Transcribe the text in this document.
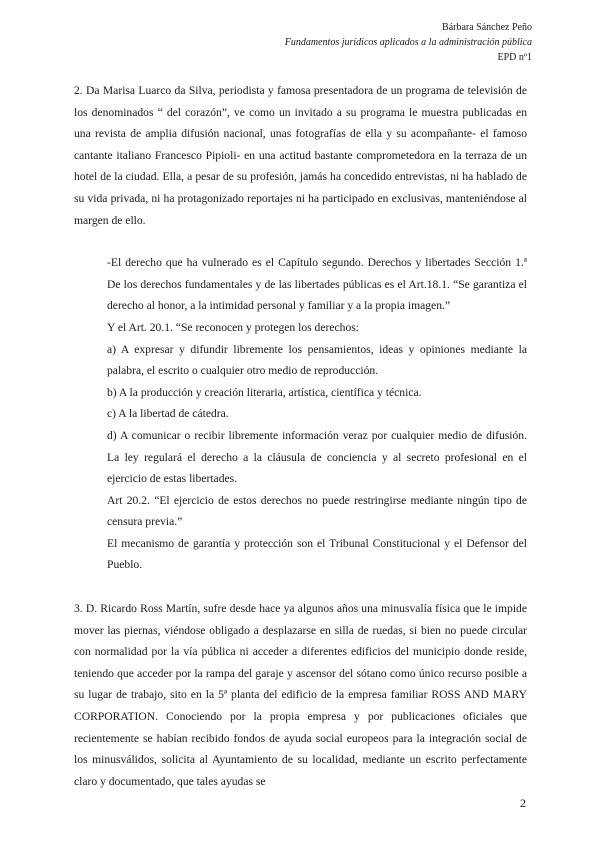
Bárbara Sánchez Peño
Fundamentos jurídicos aplicados a la administración pública
EPD nº1

2. Da Marisa Luarco da Silva, periodista y famosa presentadora de un programa de televisión de los denominados “ del corazón”, ve como un invitado a su programa le muestra publicadas en una revista de amplia difusión nacional, unas fotografías de ella y su acompañante- el famoso cantante italiano Francesco Pipioli- en una actitud bastante comprometedora en la terraza de un hotel de la ciudad. Ella, a pesar de su profesión, jamás ha concedido entrevistas, ni ha hablado de su vida privada, ni ha protagonizado reportajes ni ha participado en exclusivas, manteniéndose al margen de ello.

-El derecho que ha vulnerado es el Capítulo segundo. Derechos y libertades Sección 1.ª De los derechos fundamentales y de las libertades públicas es el Art.18.1. “Se garantiza el derecho al honor, a la intimidad personal y familiar y a la propia imagen.”

Y el Art. 20.1. “Se reconocen y protegen los derechos:

a) A expresar y difundir libremente los pensamientos, ideas y opiniones mediante la palabra, el escrito o cualquier otro medio de reproducción.

b) A la producción y creación literaria, artística, científica y técnica.

c) A la libertad de cátedra.

d) A comunicar o recibir libremente información veraz por cualquier medio de difusión. La ley regulará el derecho a la cláusula de conciencia y al secreto profesional en el ejercicio de estas libertades.

Art 20.2. “El ejercicio de estos derechos no puede restringirse mediante ningún tipo de censura previa.”

El mecanismo de garantía y protección son el Tribunal Constitucional y el Defensor del Pueblo.

3. D. Ricardo Ross Martín, sufre desde hace ya algunos años una minusvalía física que le impide mover las piernas, viéndose obligado a desplazarse en silla de ruedas, si bien no puede circular con normalidad por la vía pública ni acceder a diferentes edificios del municipio donde reside, teniendo que acceder por la rampa del garaje y ascensor del sótano como único recurso posible a su lugar de trabajo, sito en la 5ª planta del edificio de la empresa familiar ROSS AND MARY CORPORATION. Conociendo por la propia empresa y por publicaciones oficiales que recientemente se habían recibido fondos de ayuda social europeos para la integración social de los minusválidos, solicita al Ayuntamiento de su localidad, mediante un escrito perfectamente claro y documentado, que tales ayudas se

2
